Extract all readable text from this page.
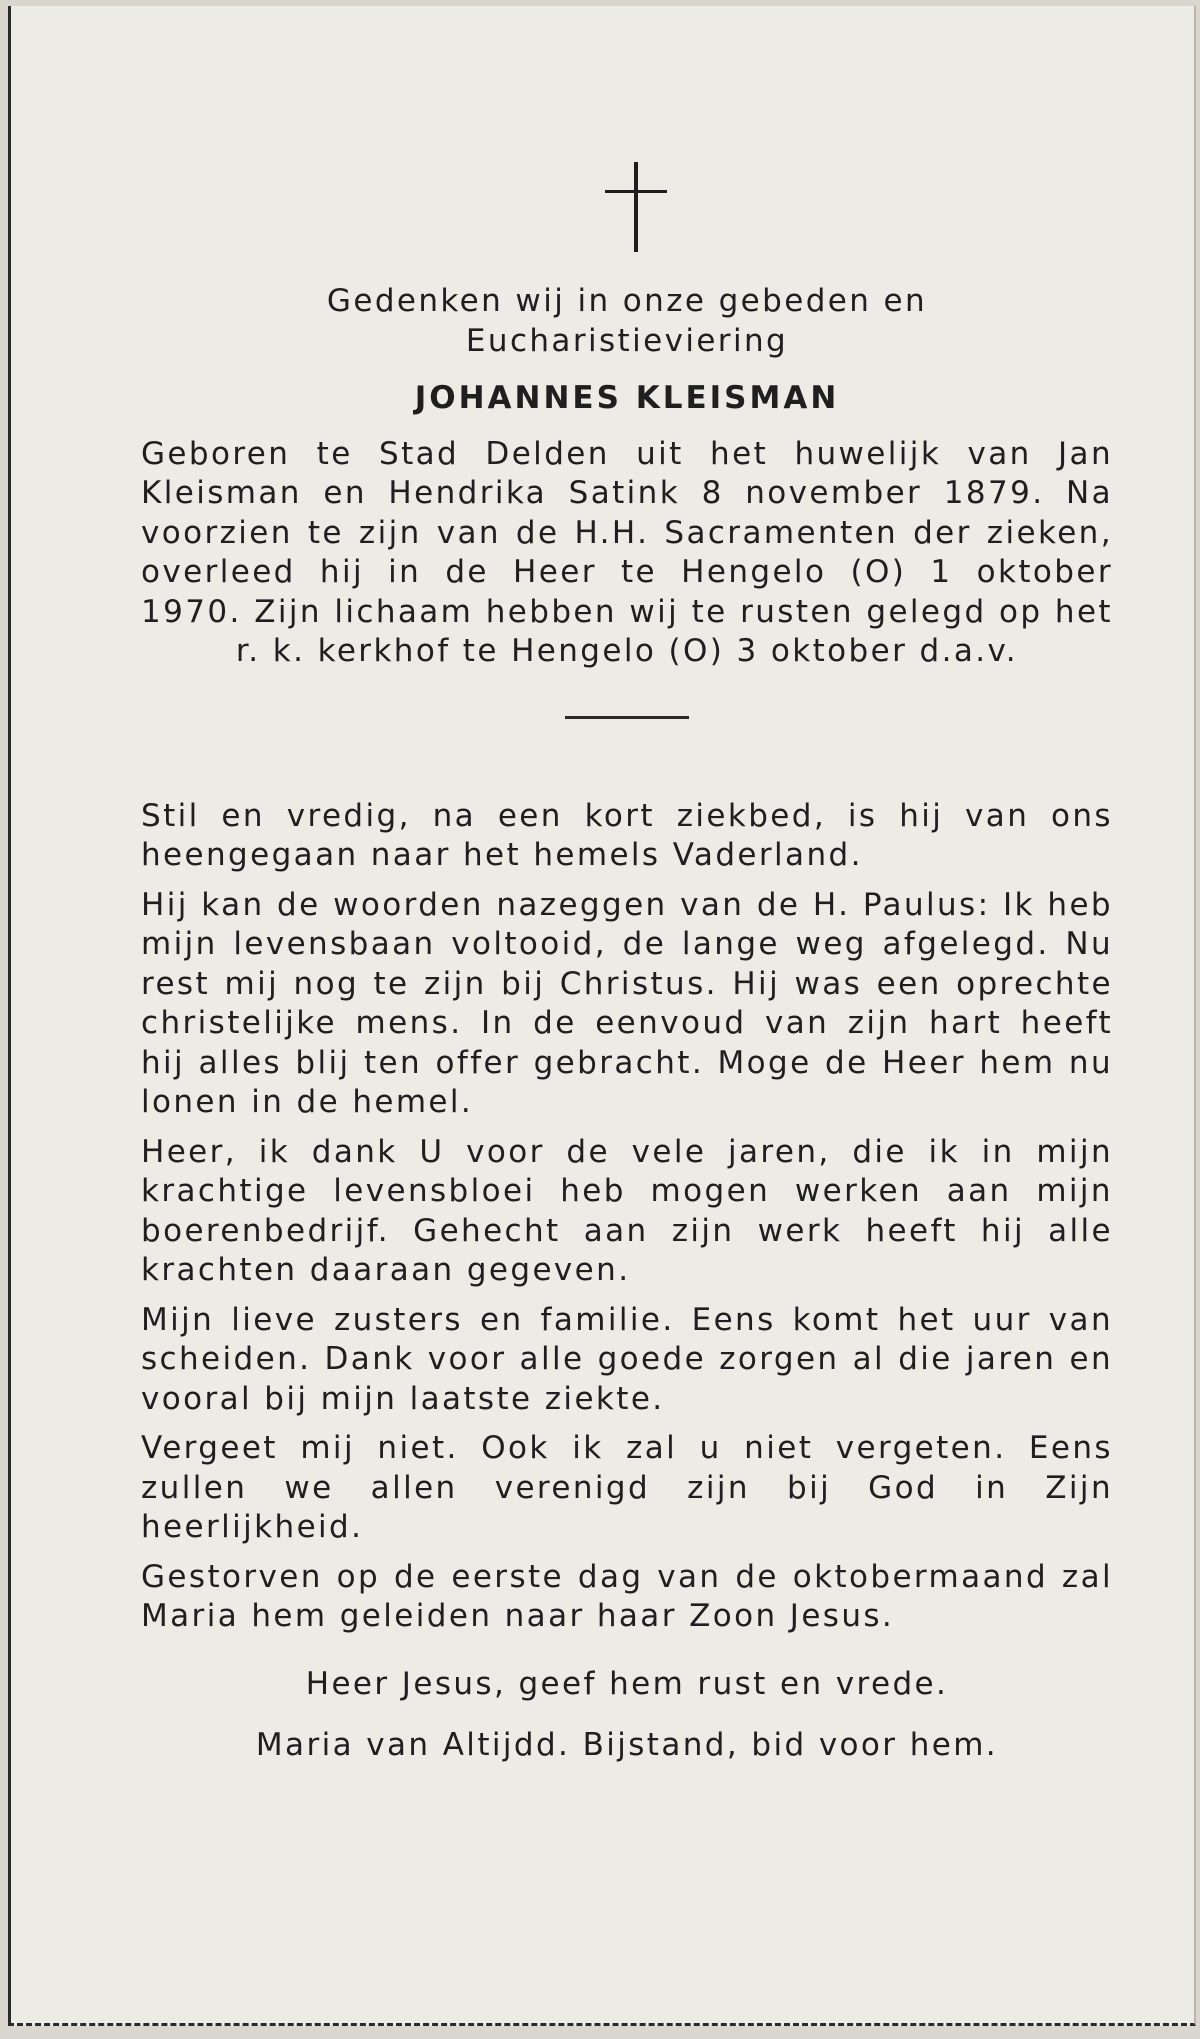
Gedenken wij in onze gebeden en

Eucharistieviering

JOHANNES KLEISMAN

Geboren te Stad Delden uit het huwelijk van Jan Kleisman en Hendrika Satink 8 november 1879. Na voorzien te zijn van de H.H. Sacramenten der zieken, overleed hij in de Heer te Hengelo (O) 1 oktober 1970. Zijn lichaam hebben wij te rusten gelegd op het r. k. kerkhof te Hengelo (O) 3 oktober d.a.v.

Stil en vredig, na een kort ziekbed, is hij van ons heengegaan naar het hemels Vaderland.

Hij kan de woorden nazeggen van de H. Paulus: Ik heb mijn levensbaan voltooid, de lange weg afgelegd. Nu rest mij nog te zijn bij Christus. Hij was een oprechte christelijke mens. In de eenvoud van zijn hart heeft hij alles blij ten offer gebracht. Moge de Heer hem nu lonen in de hemel.

Heer, ik dank U voor de vele jaren, die ik in mijn krachtige levensbloei heb mogen werken aan mijn boerenbedrijf. Gehecht aan zijn werk heeft hij alle krachten daaraan gegeven.

Mijn lieve zusters en familie. Eens komt het uur van scheiden. Dank voor alle goede zorgen al die jaren en vooral bij mijn laatste ziekte.

Vergeet mij niet. Ook ik zal u niet vergeten. Eens zullen we allen verenigd zijn bij God in Zijn heerlijkheid.

Gestorven op de eerste dag van de oktobermaand zal Maria hem geleiden naar haar Zoon Jesus.

Heer Jesus, geef hem rust en vrede.

Maria van Altijdd. Bijstand, bid voor hem.
